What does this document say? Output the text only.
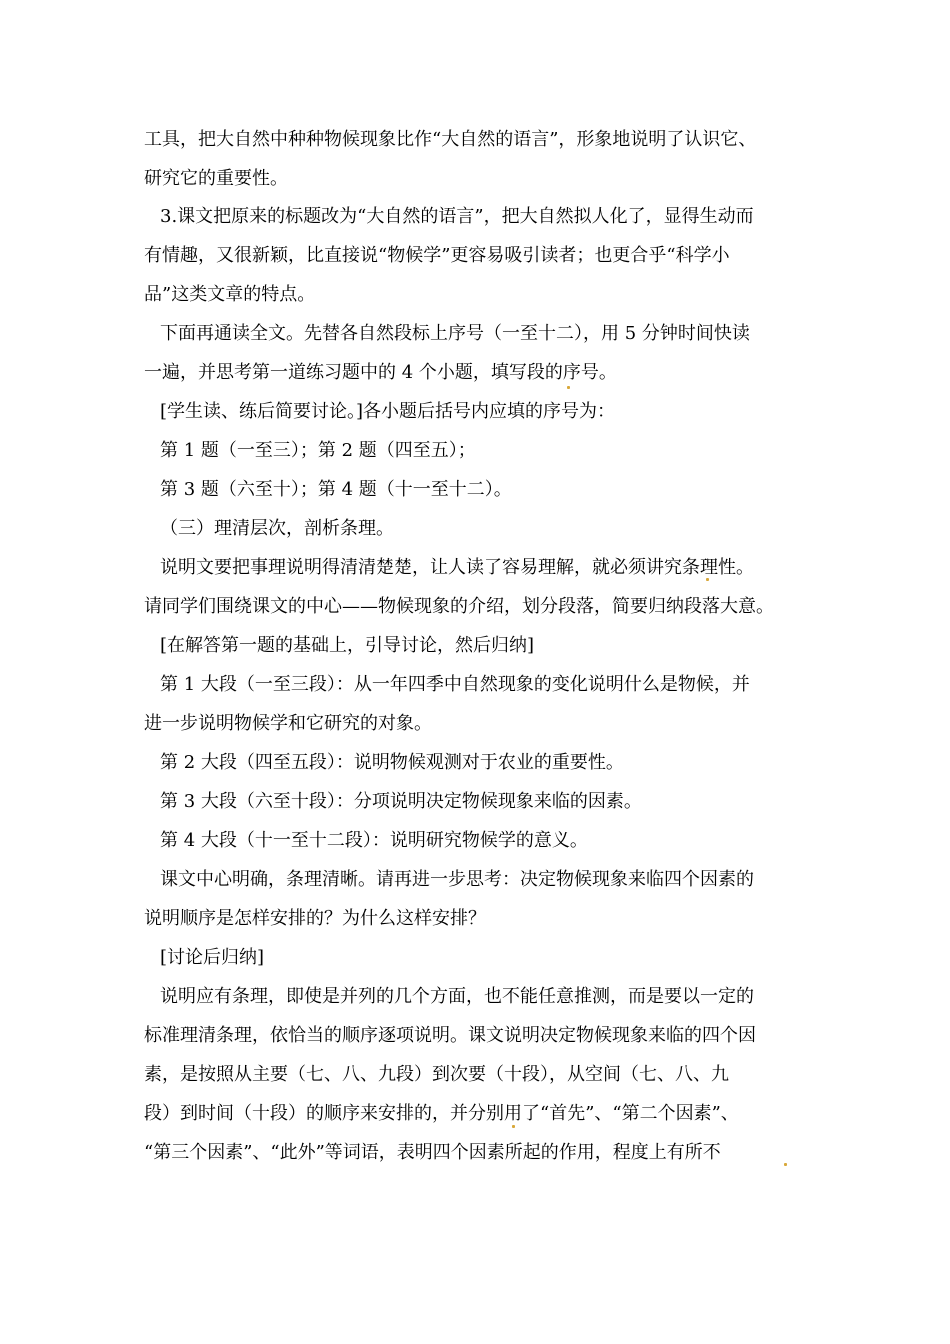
工具，把大自然中种种物候现象比作“大自然的语言”，形象地说明了认识它、
研究它的重要性。
3.课文把原来的标题改为“大自然的语言”，把大自然拟人化了，显得生动而
有情趣，又很新颖，比直接说“物候学”更容易吸引读者；也更合乎“科学小
品”这类文章的特点。
下面再通读全文。先替各自然段标上序号（一至十二），用 5 分钟时间快读
一遍，并思考第一道练习题中的 4 个小题，填写段的序号。
[学生读、练后简要讨论。]各小题后括号内应填的序号为：
第 1 题（一至三）；第 2 题（四至五）；
第 3 题（六至十）；第 4 题（十一至十二）。
（三）理清层次，剖析条理。
说明文要把事理说明得清清楚楚，让人读了容易理解，就必须讲究条理性。
请同学们围绕课文的中心——物候现象的介绍，划分段落，简要归纳段落大意。
[在解答第一题的基础上，引导讨论，然后归纳]
第 1 大段（一至三段）：从一年四季中自然现象的变化说明什么是物候，并
进一步说明物候学和它研究的对象。
第 2 大段（四至五段）：说明物候观测对于农业的重要性。
第 3 大段（六至十段）：分项说明决定物候现象来临的因素。
第 4 大段（十一至十二段）：说明研究物候学的意义。
课文中心明确，条理清晰。请再进一步思考：决定物候现象来临四个因素的
说明顺序是怎样安排的？为什么这样安排？
[讨论后归纳]
说明应有条理，即使是并列的几个方面，也不能任意推测，而是要以一定的
标准理清条理，依恰当的顺序逐项说明。课文说明决定物候现象来临的四个因
素，是按照从主要（七、八、九段）到次要（十段），从空间（七、八、九
段）到时间（十段）的顺序来安排的，并分别用了“首先”、“第二个因素”、
“第三个因素”、“此外”等词语，表明四个因素所起的作用，程度上有所不
